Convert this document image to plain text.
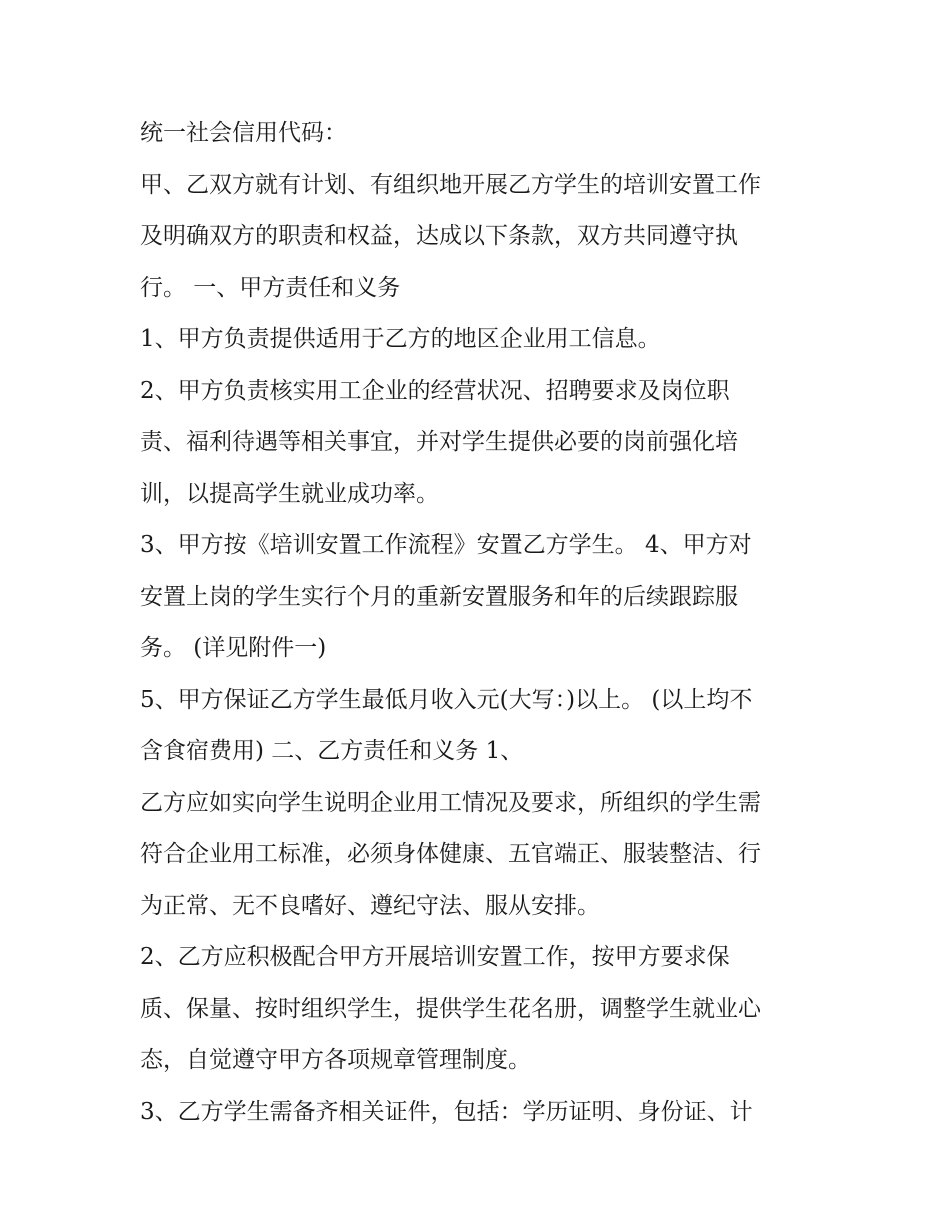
统一社会信用代码：
甲、乙双方就有计划、有组织地开展乙方学生的培训安置工作
及明确双方的职责和权益，达成以下条款，双方共同遵守执
行。 一、甲方责任和义务
1、甲方负责提供适用于乙方的地区企业用工信息。
2、甲方负责核实用工企业的经营状况、招聘要求及岗位职
责、福利待遇等相关事宜，并对学生提供必要的岗前强化培
训，以提高学生就业成功率。
3、甲方按《培训安置工作流程》安置乙方学生。 4、甲方对
安置上岗的学生实行个月的重新安置服务和年的后续跟踪服
务。 (详见附件一)
5、甲方保证乙方学生最低月收入元(大写：)以上。 (以上均不
含食宿费用) 二、乙方责任和义务 1、
乙方应如实向学生说明企业用工情况及要求，所组织的学生需
符合企业用工标准，必须身体健康、五官端正、服装整洁、行
为正常、无不良嗜好、遵纪守法、服从安排。
2、乙方应积极配合甲方开展培训安置工作，按甲方要求保
质、保量、按时组织学生，提供学生花名册，调整学生就业心
态，自觉遵守甲方各项规章管理制度。
3、乙方学生需备齐相关证件，包括：学历证明、身份证、计
